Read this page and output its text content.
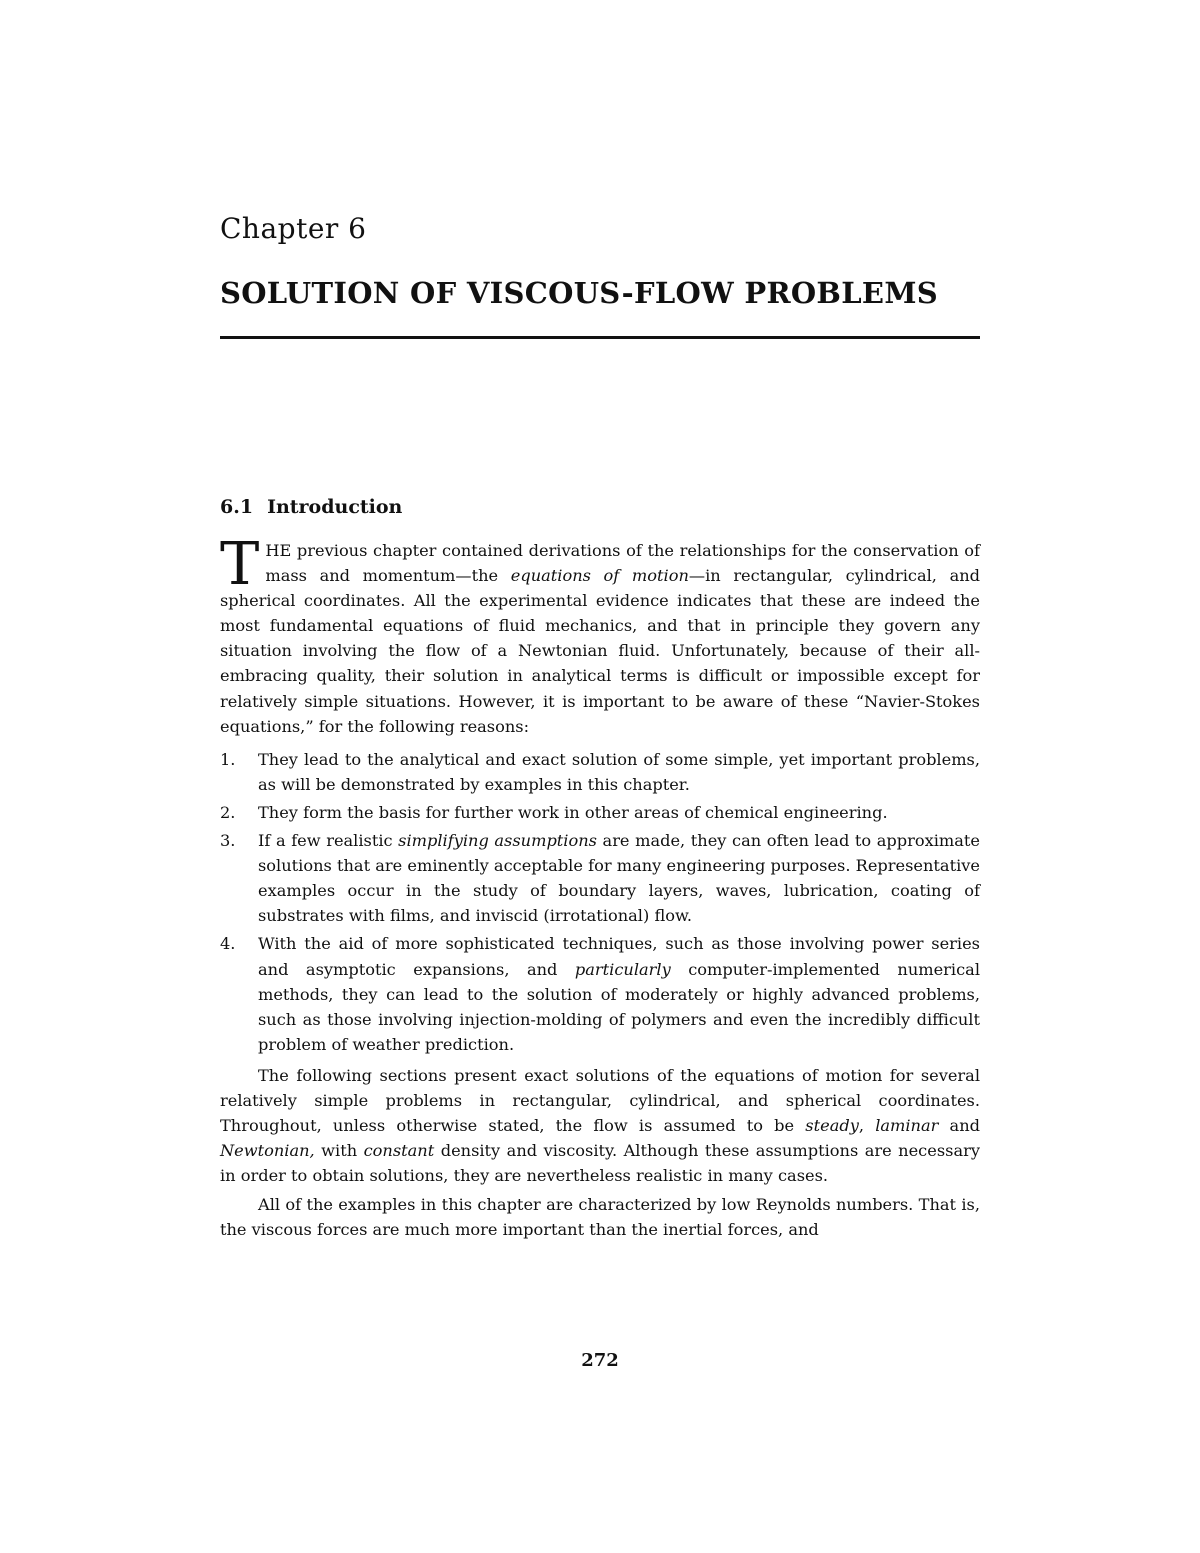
Chapter 6
SOLUTION OF VISCOUS-FLOW PROBLEMS
6.1 Introduction

THE previous chapter contained derivations of the relationships for the conservation of mass and momentum—the equations of motion—in rectangular, cylindrical, and spherical coordinates. All the experimental evidence indicates that these are indeed the most fundamental equations of fluid mechanics, and that in principle they govern any situation involving the flow of a Newtonian fluid. Unfortunately, because of their all-embracing quality, their solution in analytical terms is difficult or impossible except for relatively simple situations. However, it is important to be aware of these “Navier-Stokes equations,” for the following reasons:

1. They lead to the analytical and exact solution of some simple, yet important problems, as will be demonstrated by examples in this chapter.
2. They form the basis for further work in other areas of chemical engineering.
3. If a few realistic simplifying assumptions are made, they can often lead to approximate solutions that are eminently acceptable for many engineering purposes. Representative examples occur in the study of boundary layers, waves, lubrication, coating of substrates with films, and inviscid (irrotational) flow.
4. With the aid of more sophisticated techniques, such as those involving power series and asymptotic expansions, and particularly computer-implemented numerical methods, they can lead to the solution of moderately or highly advanced problems, such as those involving injection-molding of polymers and even the incredibly difficult problem of weather prediction.

The following sections present exact solutions of the equations of motion for several relatively simple problems in rectangular, cylindrical, and spherical coordinates. Throughout, unless otherwise stated, the flow is assumed to be steady, laminar and Newtonian, with constant density and viscosity. Although these assumptions are necessary in order to obtain solutions, they are nevertheless realistic in many cases.

All of the examples in this chapter are characterized by low Reynolds numbers. That is, the viscous forces are much more important than the inertial forces, and

272
